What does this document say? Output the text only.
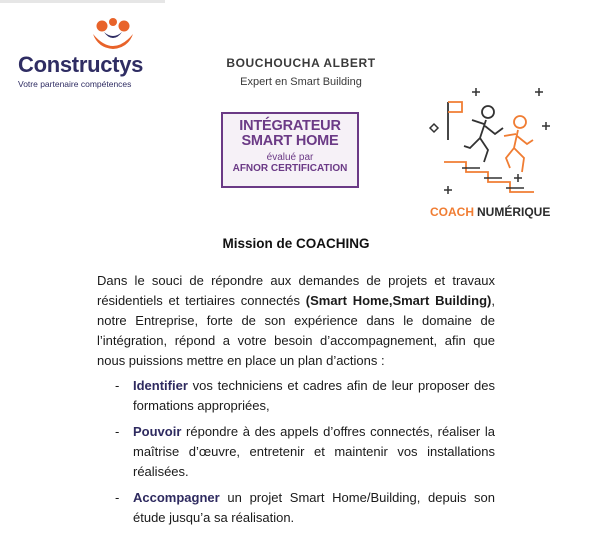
Constructys
Votre partenaire compétences
BOUCHOUCHA ALBERT
Expert en Smart Building
INTÉGRATEUR
SMART HOME
évalué par
AFNOR CERTIFICATION
COACH NUMÉRIQUE
Mission de COACHING
Dans le souci de répondre aux demandes de projets et travaux résidentiels et tertiaires connectés (Smart Home,Smart Building), notre Entreprise, forte de son expérience dans le domaine de l’intégration, répond a votre besoin d’accompagnement, afin que nous puissions mettre en place un plan d’actions :
- Identifier vos techniciens et cadres afin de leur proposer des formations appropriées,
- Pouvoir répondre à des appels d’offres connectés, réaliser la maîtrise d’œuvre, entretenir et maintenir vos installations réalisées.
- Accompagner un projet Smart Home/Building, depuis son étude jusqu’a sa réalisation.
